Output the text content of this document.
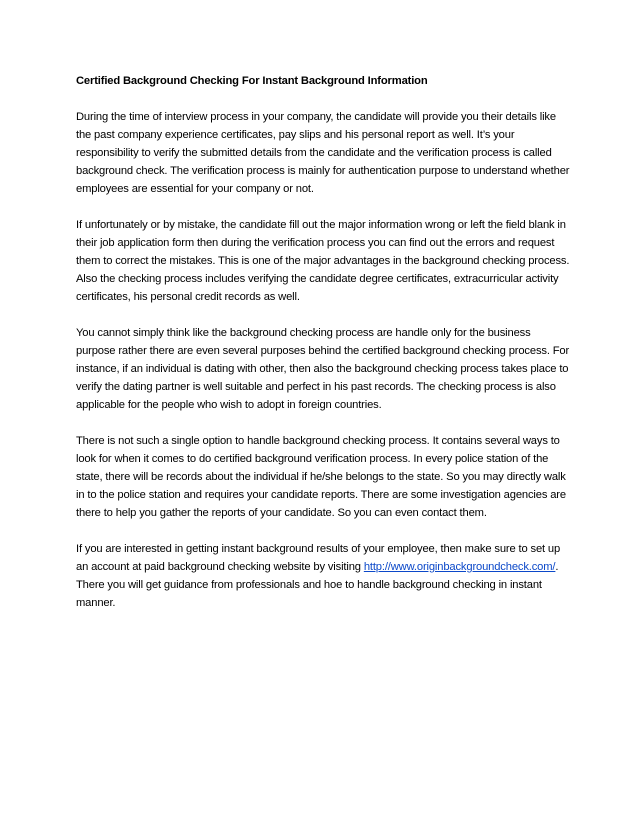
Certified Background Checking For Instant Background Information

During the time of interview process in your company, the candidate will provide you their details like the past company experience certificates, pay slips and his personal report as well. It’s your responsibility to verify the submitted details from the candidate and the verification process is called background check. The verification process is mainly for authentication purpose to understand whether employees are essential for your company or not.

If unfortunately or by mistake, the candidate fill out the major information wrong or left the field blank in their job application form then during the verification process you can find out the errors and request them to correct the mistakes. This is one of the major advantages in the background checking process. Also the checking process includes verifying the candidate degree certificates, extracurricular activity certificates, his personal credit records as well.

You cannot simply think like the background checking process are handle only for the business purpose rather there are even several purposes behind the certified background checking process. For instance, if an individual is dating with other, then also the background checking process takes place to verify the dating partner is well suitable and perfect in his past records. The checking process is also applicable for the people who wish to adopt in foreign countries.

There is not such a single option to handle background checking process. It contains several ways to look for when it comes to do certified background verification process. In every police station of the state, there will be records about the individual if he/she belongs to the state. So you may directly walk in to the police station and requires your candidate reports. There are some investigation agencies are there to help you gather the reports of your candidate. So you can even contact them.

If you are interested in getting instant background results of your employee, then make sure to set up an account at paid background checking website by visiting http://www.originbackgroundcheck.com/. There you will get guidance from professionals and hoe to handle background checking in instant manner.
